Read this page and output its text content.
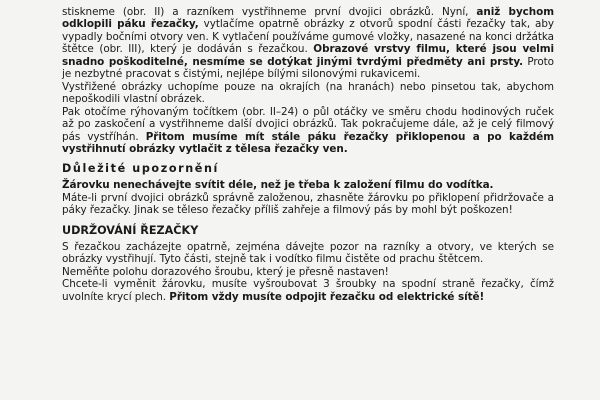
stiskneme (obr. II) a razníkem vystřihneme první dvojici obrázků. Nyní, aniž bychom odklopili páku řezačky, vytlačíme opatrně obrázky z otvorů spodní části řezačky tak, aby vypadly bočními otvory ven. K vytlačení používáme gumové vložky, nasazené na konci držátka štětce (obr. III), který je dodáván s řezačkou. Obrazové vrstvy filmu, které jsou velmi snadno poškoditelné, nesmíme se dotýkat jinými tvrdými předměty ani prsty. Proto je nezbytné pracovat s čistými, nejlépe bílými silonovými rukavicemi.

Vystřižené obrázky uchopíme pouze na okrajích (na hranách) nebo pinsetou tak, abychom nepoškodili vlastní obrázek.

Pak otočíme rýhovaným točítkem (obr. II–24) o půl otáčky ve směru chodu hodinových ruček až po zaskočení a vystřihneme další dvojici obrázků. Tak pokračujeme dále, až je celý filmový pás vystříhán. Přitom musíme mít stále páku řezačky přiklopenou a po každém vystřihnutí obrázky vytlačit z tělesa řezačky ven.

Důležité upozornění

Žárovku nenechávejte svítit déle, než je třeba k založení filmu do vodítka.

Máte-li první dvojici obrázků správně založenou, zhasněte žárovku po přiklopení přidržovače a páky řezačky. Jinak se těleso řezačky příliš zahřeje a filmový pás by mohl být poškozen!

UDRŽOVÁNÍ ŘEZAČKY

S řezačkou zacházejte opatrně, zejména dávejte pozor na razníky a otvory, ve kterých se obrázky vystřihují. Tyto části, stejně tak i vodítko filmu čistěte od prachu štětcem.

Neměňte polohu dorazového šroubu, který je přesně nastaven!

Chcete-li vyměnit žárovku, musíte vyšroubovat 3 šroubky na spodní straně řezačky, čímž uvolníte krycí plech. Přitom vždy musíte odpojit řezačku od elektrické sítě!
